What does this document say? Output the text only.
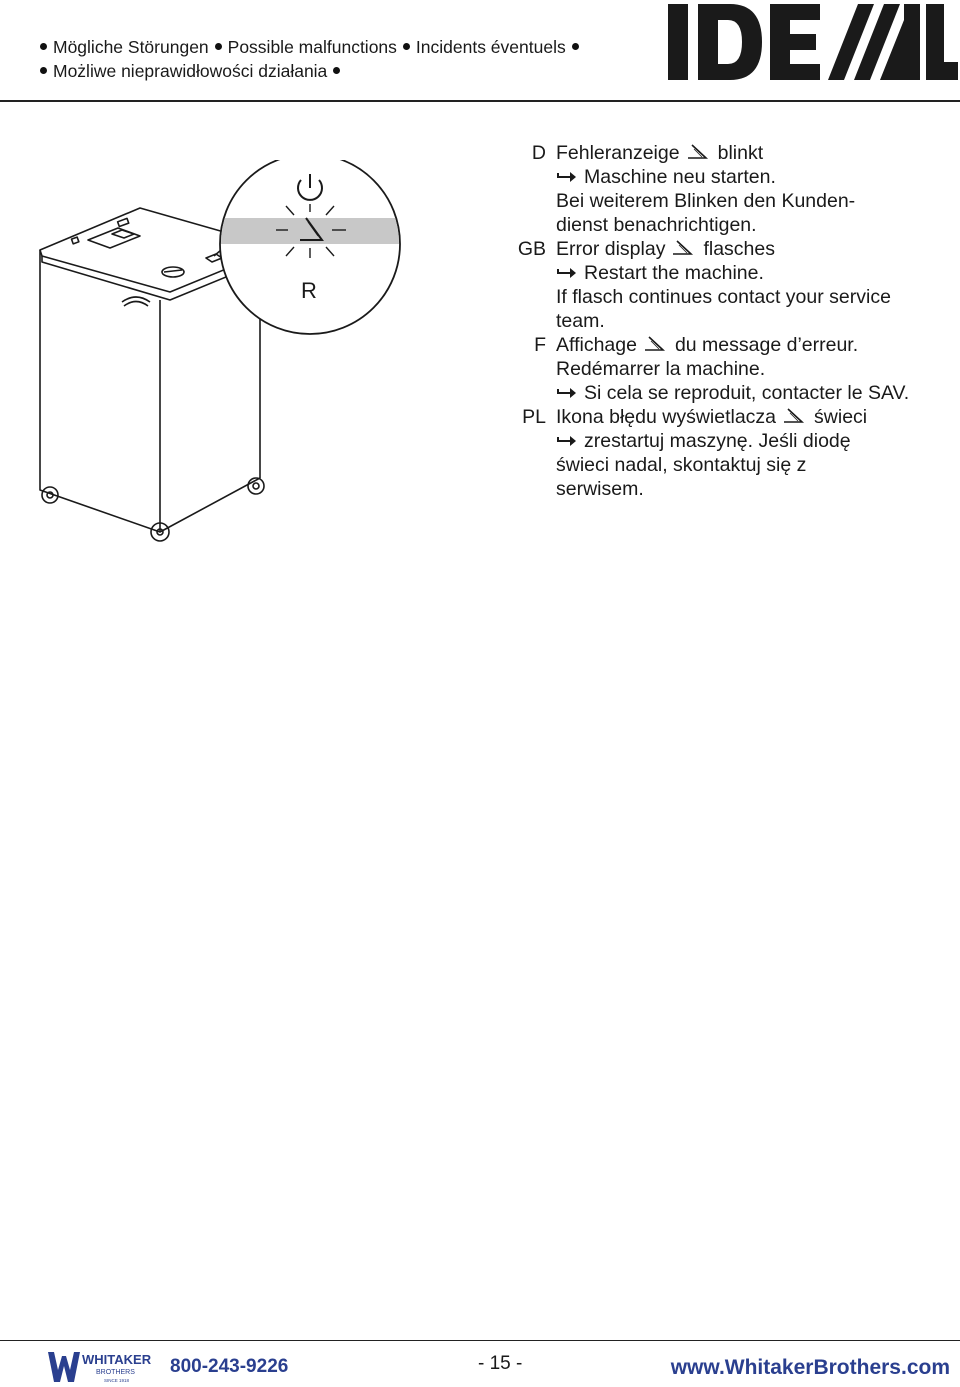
Mögliche Störungen Possible malfunctions Incidents éventuels
Możliwe nieprawidłowości działania
R
D Fehleranzeige blinkt
Maschine neu starten.
Bei weiterem Blinken den Kunden-
dienst benachrichtigen.
GB Error display flasches
Restart the machine.
If flasch continues contact your service
team.
F Affichage du message d’erreur.
Redémarrer la machine.
Si cela se reproduit, contacter le SAV.
PL Ikona błędu wyświetlacza świeci
zrestartuj maszynę. Jeśli diodę
świeci nadal, skontaktuj się z
serwisem.
WHITAKER
BROTHERS
SINCE 1918
800-243-9226	- 15 -	www.WhitakerBrothers.com
